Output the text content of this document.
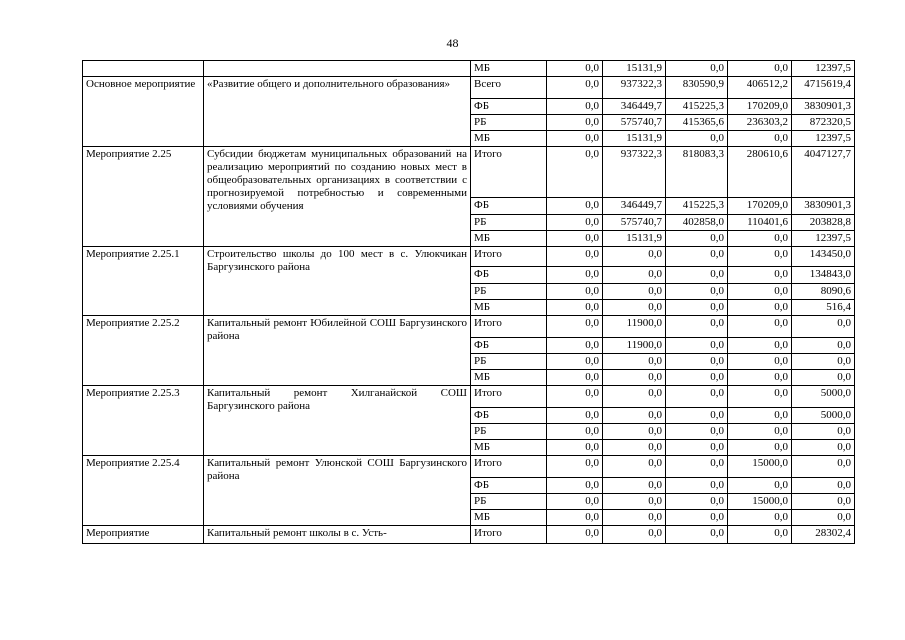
48
		МБ	0,0	15131,9	0,0	0,0	12397,5
Основное мероприятие	«Развитие общего и дополнительного образования»	Всего	0,0	937322,3	830590,9	406512,2	4715619,4
		ФБ	0,0	346449,7	415225,3	170209,0	3830901,3
		РБ	0,0	575740,7	415365,6	236303,2	872320,5
		МБ	0,0	15131,9	0,0	0,0	12397,5
Мероприятие 2.25	Субсидии бюджетам муниципальных образований на реализацию мероприятий по созданию новых мест в общеобразовательных организациях в соответствии с прогнозируемой потребностью и современными условиями обучения	Итого	0,0	937322,3	818083,3	280610,6	4047127,7
		ФБ	0,0	346449,7	415225,3	170209,0	3830901,3
		РБ	0,0	575740,7	402858,0	110401,6	203828,8
		МБ	0,0	15131,9	0,0	0,0	12397,5
Мероприятие 2.25.1	Строительство школы до 100 мест в с. Улюкчикан Баргузинского района	Итого	0,0	0,0	0,0	0,0	143450,0
		ФБ	0,0	0,0	0,0	0,0	134843,0
		РБ	0,0	0,0	0,0	0,0	8090,6
		МБ	0,0	0,0	0,0	0,0	516,4
Мероприятие 2.25.2	Капитальный ремонт Юбилейной СОШ Баргузинского района	Итого	0,0	11900,0	0,0	0,0	0,0
		ФБ	0,0	11900,0	0,0	0,0	0,0
		РБ	0,0	0,0	0,0	0,0	0,0
		МБ	0,0	0,0	0,0	0,0	0,0
Мероприятие 2.25.3	Капитальный ремонт Хилганайской СОШ Баргузинского района	Итого	0,0	0,0	0,0	0,0	5000,0
		ФБ	0,0	0,0	0,0	0,0	5000,0
		РБ	0,0	0,0	0,0	0,0	0,0
		МБ	0,0	0,0	0,0	0,0	0,0
Мероприятие 2.25.4	Капитальный ремонт Улюнской СОШ Баргузинского района	Итого	0,0	0,0	0,0	15000,0	0,0
		ФБ	0,0	0,0	0,0	0,0	0,0
		РБ	0,0	0,0	0,0	15000,0	0,0
		МБ	0,0	0,0	0,0	0,0	0,0
Мероприятие	Капитальный ремонт школы в с. Усть-	Итого	0,0	0,0	0,0	0,0	28302,4
